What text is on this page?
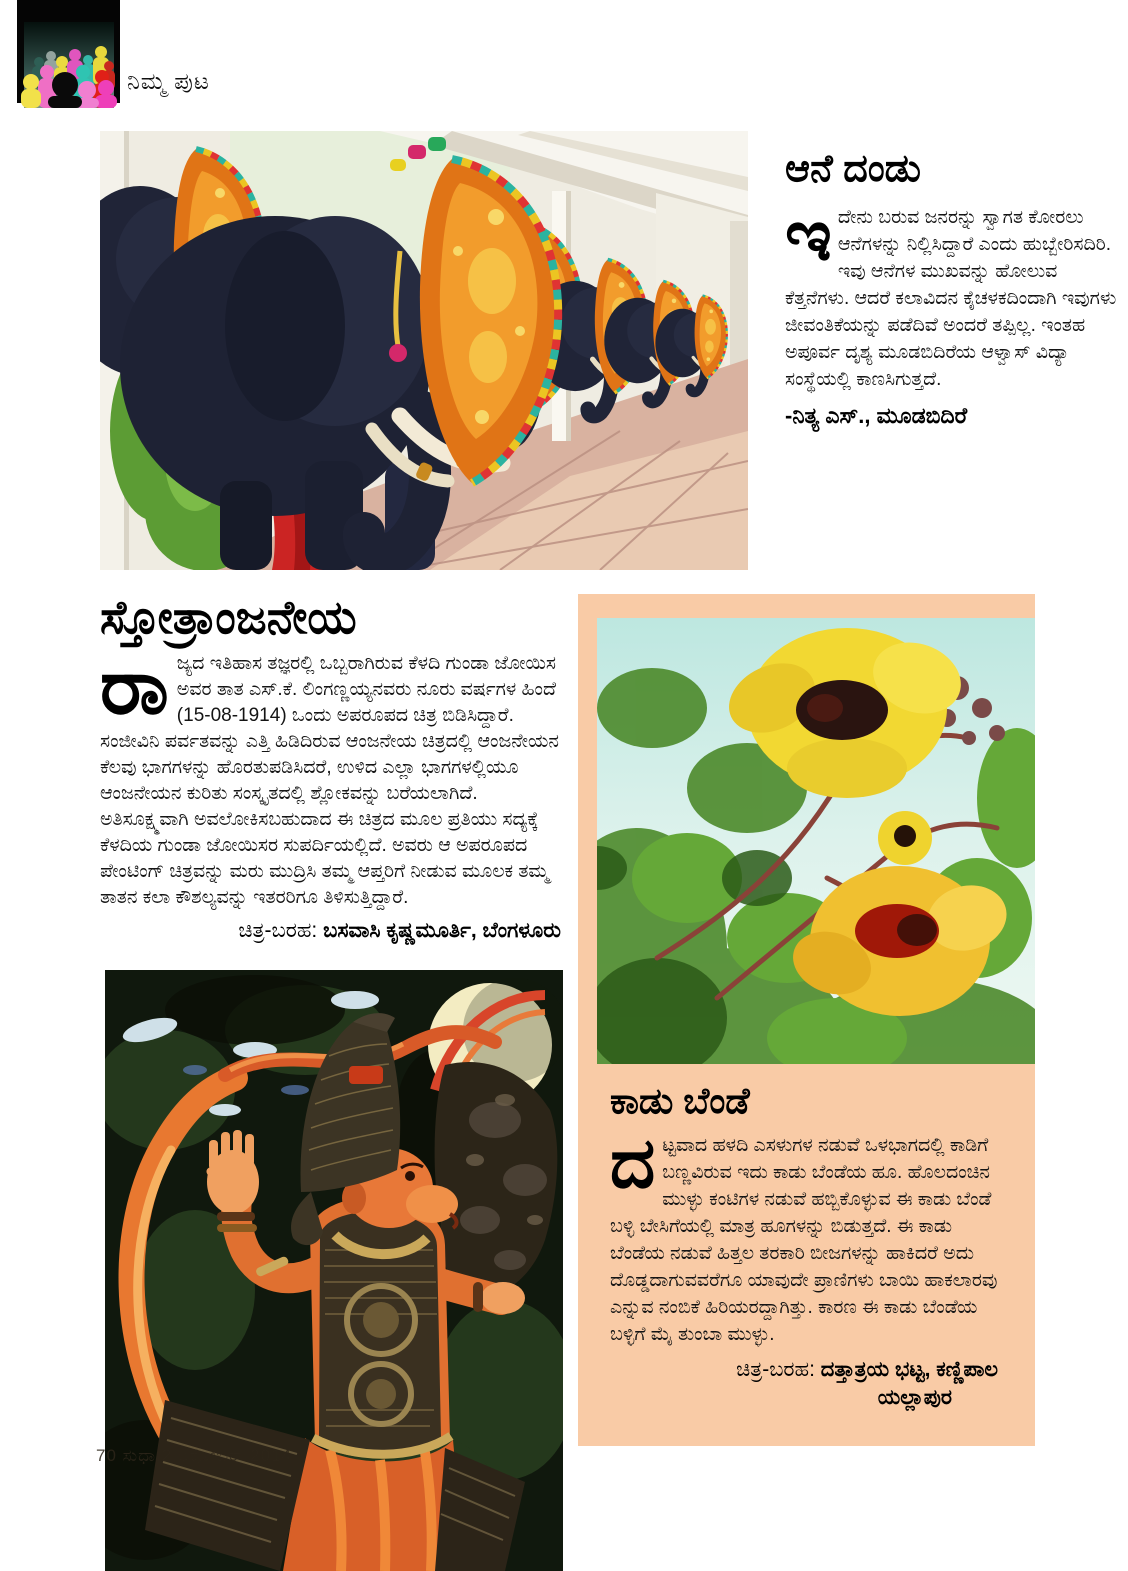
ನಿಮ್ಮ ಪುಟ
ಆನೆ ದಂಡು
ಇದೇನು ಬರುವ ಜನರನ್ನು ಸ್ವಾಗತ ಕೋರಲು ಆನೆಗಳನ್ನು ನಿಲ್ಲಿಸಿದ್ದಾರೆ ಎಂದು ಹುಬ್ಬೇರಿಸದಿರಿ. ಇವು ಆನೆಗಳ ಮುಖವನ್ನು ಹೋಲುವ ಕೆತ್ತನೆಗಳು. ಆದರೆ ಕಲಾವಿದನ ಕೈಚಳಕದಿಂದಾಗಿ ಇವುಗಳು ಜೀವಂತಿಕೆಯನ್ನು ಪಡೆದಿವೆ ಅಂದರೆ ತಪ್ಪಿಲ್ಲ. ಇಂತಹ ಅಪೂರ್ವ ದೃಶ್ಯ ಮೂಡಬಿದಿರೆಯ ಆಳ್ವಾಸ್ ವಿದ್ಯಾ ಸಂಸ್ಥೆಯಲ್ಲಿ ಕಾಣಸಿಗುತ್ತದೆ.
-ನಿತ್ಯ ಎಸ್., ಮೂಡಬಿದಿರೆ
ಸ್ತೋತ್ರಾಂಜನೇಯ
ರಾಜ್ಯದ ಇತಿಹಾಸ ತಜ್ಞರಲ್ಲಿ ಒಬ್ಬರಾಗಿರುವ ಕೆಳದಿ ಗುಂಡಾ ಜೋಯಿಸ ಅವರ ತಾತ ಎಸ್.ಕೆ. ಲಿಂಗಣ್ಣಯ್ಯನವರು ನೂರು ವರ್ಷಗಳ ಹಿಂದೆ (15-08-1914) ಒಂದು ಅಪರೂಪದ ಚಿತ್ರ ಬಿಡಿಸಿದ್ದಾರೆ. ಸಂಜೀವಿನಿ ಪರ್ವತವನ್ನು ಎತ್ತಿ ಹಿಡಿದಿರುವ ಆಂಜನೇಯ ಚಿತ್ರದಲ್ಲಿ ಆಂಜನೇಯನ ಕೆಲವು ಭಾಗಗಳನ್ನು ಹೊರತುಪಡಿಸಿದರೆ, ಉಳಿದ ಎಲ್ಲಾ ಭಾಗಗಳಲ್ಲಿಯೂ ಆಂಜನೇಯನ ಕುರಿತು ಸಂಸ್ಕೃತದಲ್ಲಿ ಶ್ಲೋಕವನ್ನು ಬರೆಯಲಾಗಿದೆ. ಅತಿಸೂಕ್ಷ್ಮವಾಗಿ ಅವಲೋಕಿಸಬಹುದಾದ ಈ ಚಿತ್ರದ ಮೂಲ ಪ್ರತಿಯು ಸದ್ಯಕ್ಕೆ ಕೆಳದಿಯ ಗುಂಡಾ ಜೋಯಿಸರ ಸುಪರ್ದಿಯಲ್ಲಿದೆ. ಅವರು ಆ ಅಪರೂಪದ ಪೇಂಟಿಂಗ್ ಚಿತ್ರವನ್ನು ಮರು ಮುದ್ರಿಸಿ ತಮ್ಮ ಆಪ್ತರಿಗೆ ನೀಡುವ ಮೂಲಕ ತಮ್ಮ ತಾತನ ಕಲಾ ಕೌಶಲ್ಯವನ್ನು ಇತರರಿಗೂ ತಿಳಿಸುತ್ತಿದ್ದಾರೆ.
ಚಿತ್ರ-ಬರಹ: ಬಸವಾಸಿ ಕೃಷ್ಣಮೂರ್ತಿ, ಬೆಂಗಳೂರು
ಕಾಡು ಬೆಂಡೆ
ದಟ್ಟವಾದ ಹಳದಿ ಎಸಳುಗಳ ನಡುವೆ ಒಳಭಾಗದಲ್ಲಿ ಕಾಡಿಗೆ ಬಣ್ಣವಿರುವ ಇದು ಕಾಡು ಬೆಂಡೆಯ ಹೂ. ಹೊಲದಂಚಿನ ಮುಳ್ಳು ಕಂಟಿಗಳ ನಡುವೆ ಹಬ್ಬಿಕೊಳ್ಳುವ ಈ ಕಾಡು ಬೆಂಡೆ ಬಳ್ಳಿ ಬೇಸಿಗೆಯಲ್ಲಿ ಮಾತ್ರ ಹೂಗಳನ್ನು ಬಿಡುತ್ತದೆ. ಈ ಕಾಡು ಬೆಂಡೆಯ ನಡುವೆ ಹಿತ್ತಲ ತರಕಾರಿ ಬೀಜಗಳನ್ನು ಹಾಕಿದರೆ ಅದು ದೊಡ್ಡದಾಗುವವರೆಗೂ ಯಾವುದೇ ಪ್ರಾಣಿಗಳು ಬಾಯಿ ಹಾಕಲಾರವು ಎನ್ನುವ ನಂಬಿಕೆ ಹಿರಿಯರದ್ದಾಗಿತ್ತು. ಕಾರಣ ಈ ಕಾಡು ಬೆಂಡೆಯ ಬಳ್ಳಿಗೆ ಮೈ ತುಂಬಾ ಮುಳ್ಳು.
ಚಿತ್ರ-ಬರಹ: ದತ್ತಾತ್ರಯ ಭಟ್ಟ, ಕಣ್ಣಿಪಾಲ
ಯಲ್ಲಾಪುರ
70 ಸುಧಾ 2 ಅಕ್ಟೋಬರ್ 2014
